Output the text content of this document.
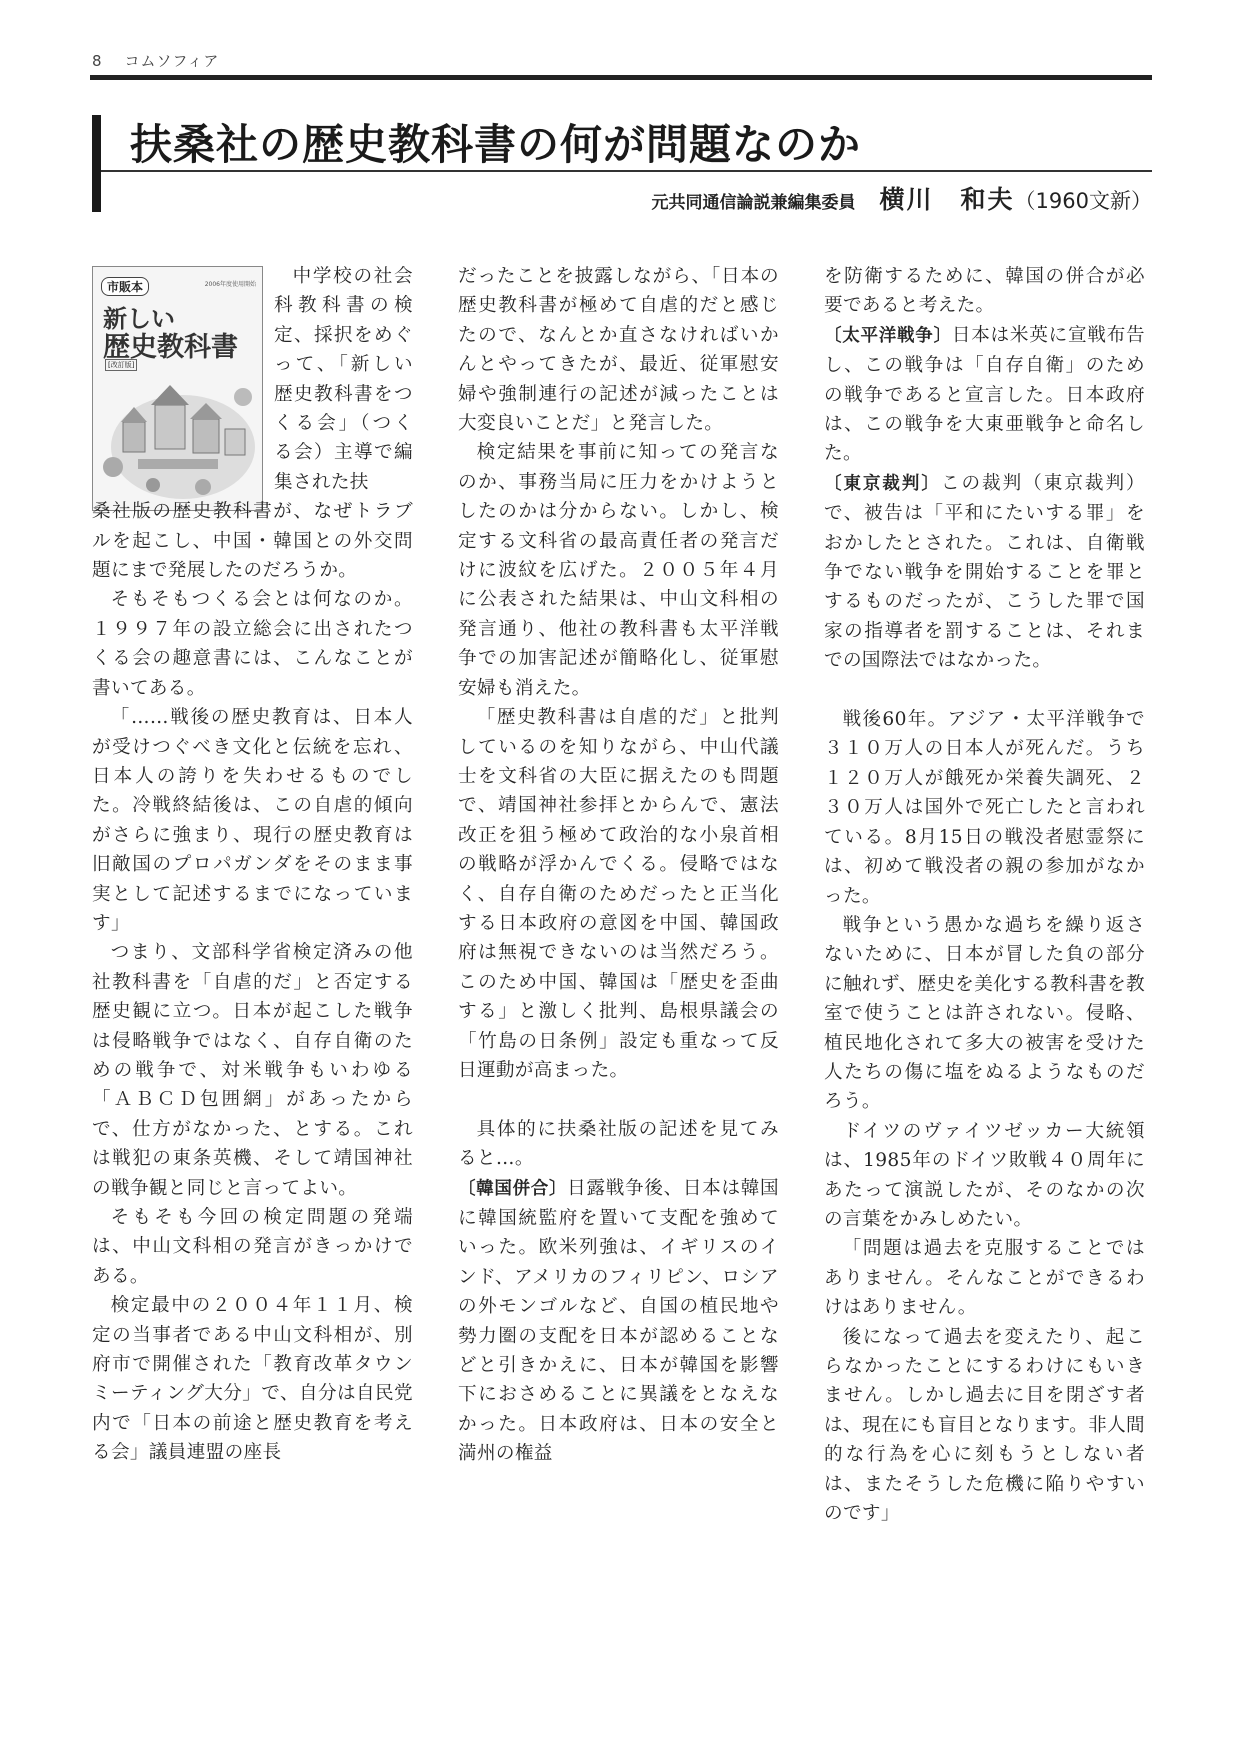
8 コムソフィア
扶桑社の歴史教科書の何が問題なのか
元共同通信論説兼編集委員 横川　和夫（1960文新）
市販本	2006年度使用開始
新しい
歴史教科書
[改訂版]

中学校の社会科教科書の検定、採択をめぐって、「新しい歴史教科書をつくる会」（つくる会）主導で編集された扶

桑社版の歴史教科書が、なぜトラブルを起こし、中国・韓国との外交問題にまで発展したのだろうか。

そもそもつくる会とは何なのか。１９９７年の設立総会に出されたつくる会の趣意書には、こんなことが書いてある。

「……戦後の歴史教育は、日本人が受けつぐべき文化と伝統を忘れ、日本人の誇りを失わせるものでした。冷戦終結後は、この自虐的傾向がさらに強まり、現行の歴史教育は旧敵国のプロパガンダをそのまま事実として記述するまでになっています」

つまり、文部科学省検定済みの他社教科書を「自虐的だ」と否定する歴史観に立つ。日本が起こした戦争は侵略戦争ではなく、自存自衛のための戦争で、対米戦争もいわゆる「ＡＢＣＤ包囲網」があったからで、仕方がなかった、とする。これは戦犯の東条英機、そして靖国神社の戦争観と同じと言ってよい。

そもそも今回の検定問題の発端は、中山文科相の発言がきっかけである。

検定最中の２００４年１１月、検定の当事者である中山文科相が、別府市で開催された「教育改革タウンミーティング大分」で、自分は自民党内で「日本の前途と歴史教育を考える会」議員連盟の座長

だったことを披露しながら、「日本の歴史教科書が極めて自虐的だと感じたので、なんとか直さなければいかんとやってきたが、最近、従軍慰安婦や強制連行の記述が減ったことは大変良いことだ」と発言した。

検定結果を事前に知っての発言なのか、事務当局に圧力をかけようとしたのかは分からない。しかし、検定する文科省の最高責任者の発言だけに波紋を広げた。２００５年４月に公表された結果は、中山文科相の発言通り、他社の教科書も太平洋戦争での加害記述が簡略化し、従軍慰安婦も消えた。

「歴史教科書は自虐的だ」と批判しているのを知りながら、中山代議士を文科省の大臣に据えたのも問題で、靖国神社参拝とからんで、憲法改正を狙う極めて政治的な小泉首相の戦略が浮かんでくる。侵略ではなく、自存自衛のためだったと正当化する日本政府の意図を中国、韓国政府は無視できないのは当然だろう。このため中国、韓国は「歴史を歪曲する」と激しく批判、島根県議会の「竹島の日条例」設定も重なって反日運動が高まった。

具体的に扶桑社版の記述を見てみると…。

〔韓国併合〕日露戦争後、日本は韓国に韓国統監府を置いて支配を強めていった。欧米列強は、イギリスのインド、アメリカのフィリピン、ロシアの外モンゴルなど、自国の植民地や勢力圏の支配を日本が認めることなどと引きかえに、日本が韓国を影響下におさめることに異議をとなえなかった。日本政府は、日本の安全と満州の権益

を防衛するために、韓国の併合が必要であると考えた。

〔太平洋戦争〕日本は米英に宣戦布告し、この戦争は「自存自衛」のための戦争であると宣言した。日本政府は、この戦争を大東亜戦争と命名した。

〔東京裁判〕この裁判（東京裁判）で、被告は「平和にたいする罪」をおかしたとされた。これは、自衛戦争でない戦争を開始することを罪とするものだったが、こうした罪で国家の指導者を罰することは、それまでの国際法ではなかった。

戦後60年。アジア・太平洋戦争で３１０万人の日本人が死んだ。うち１２０万人が餓死か栄養失調死、２３０万人は国外で死亡したと言われている。8月15日の戦没者慰霊祭には、初めて戦没者の親の参加がなかった。

戦争という愚かな過ちを繰り返さないために、日本が冒した負の部分に触れず、歴史を美化する教科書を教室で使うことは許されない。侵略、植民地化されて多大の被害を受けた人たちの傷に塩をぬるようなものだろう。

ドイツのヴァイツゼッカー大統領は、1985年のドイツ敗戦４０周年にあたって演説したが、そのなかの次の言葉をかみしめたい。

「問題は過去を克服することではありません。そんなことができるわけはありません。

後になって過去を変えたり、起こらなかったことにするわけにもいきません。しかし過去に目を閉ざす者は、現在にも盲目となります。非人間的な行為を心に刻もうとしない者は、またそうした危機に陥りやすいのです」
